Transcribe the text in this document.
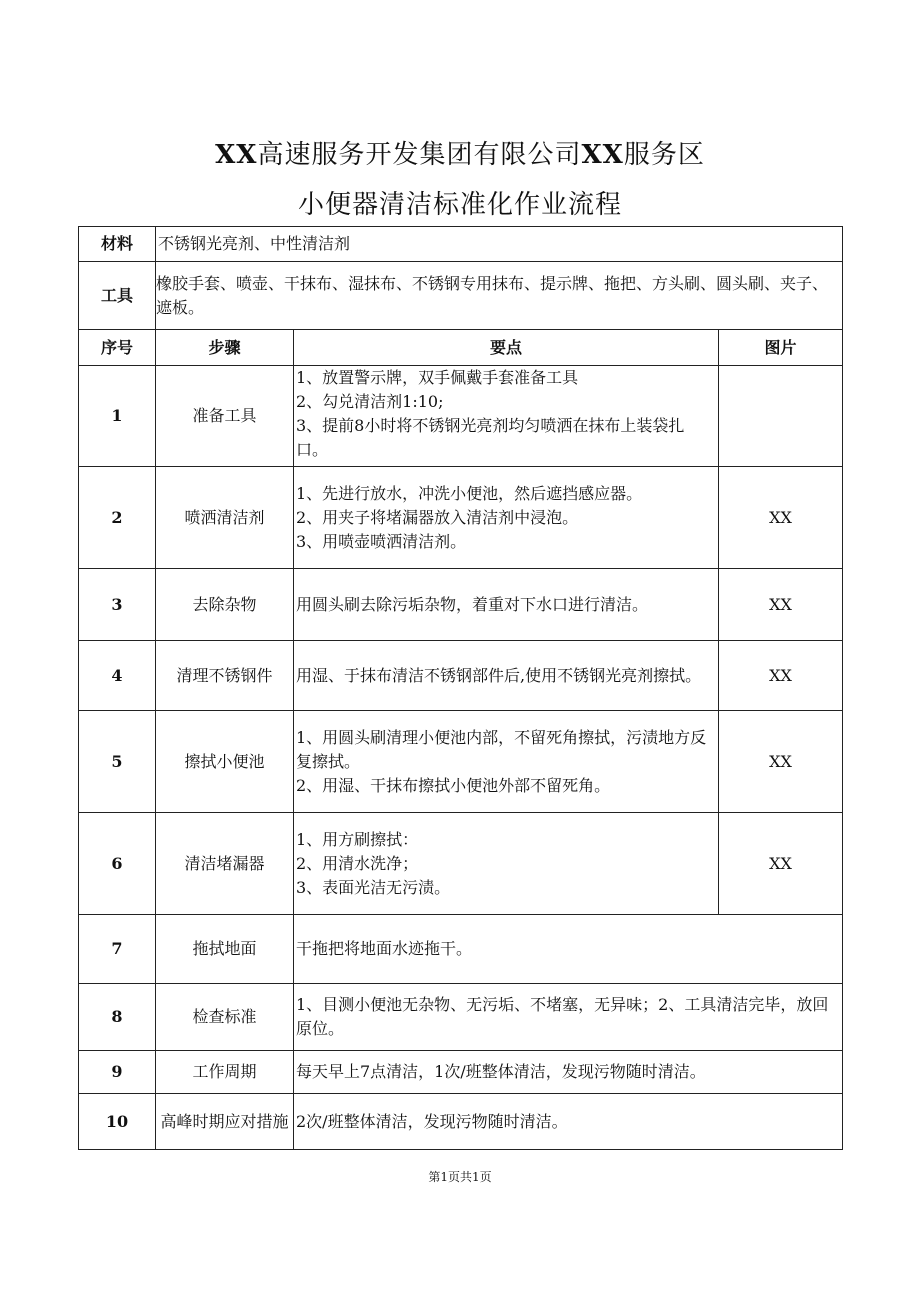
XX高速服务开发集团有限公司XX服务区
小便器清洁标准化作业流程
材料	不锈钢光亮剂、中性清洁剂		
工具	橡胶手套、喷壶、干抹布、湿抹布、不锈钢专用抹布、提示牌、拖把、方头刷、圆头刷、夹子、遮板。		
序号	步骤	要点	图片
1	准备工具	1、放置警示牌，双手佩戴手套准备工具
2、勾兑清洁剂1:10;
3、提前8小时将不锈钢光亮剂均匀喷洒在抹布上装袋扎口。	

2	喷洒清洁剂	1、先进行放水，冲洗小便池，然后遮挡感应器。
2、用夹子将堵漏器放入清洁剂中浸泡。
3、用喷壶喷洒清洁剂。	XX
3	去除杂物	用圆头刷去除污垢杂物，着重对下水口进行清洁。	XX
4	清理不锈钢件	用湿、于抹布清洁不锈钢部件后,使用不锈钢光亮剂擦拭。	XX
5	擦拭小便池	1、用圆头刷清理小便池内部，不留死角擦拭，污渍地方反复擦拭。
2、用湿、干抹布擦拭小便池外部不留死角。	XX
6	清洁堵漏器	1、用方刷擦拭：
2、用清水洗净；
3、表面光洁无污渍。	XX
7	拖拭地面	干拖把将地面水迹拖干。	

8	检查标准	1、目测小便池无杂物、无污垢、不堵塞，无异味；2、工具清洁完毕，放回原位。	

9	工作周期	每天早上7点清洁，1次/班整体清洁，发现污物随时清洁。	

10	高峰时期应对措施	2次/班整体清洁，发现污物随时清洁。	
第1页共1页
